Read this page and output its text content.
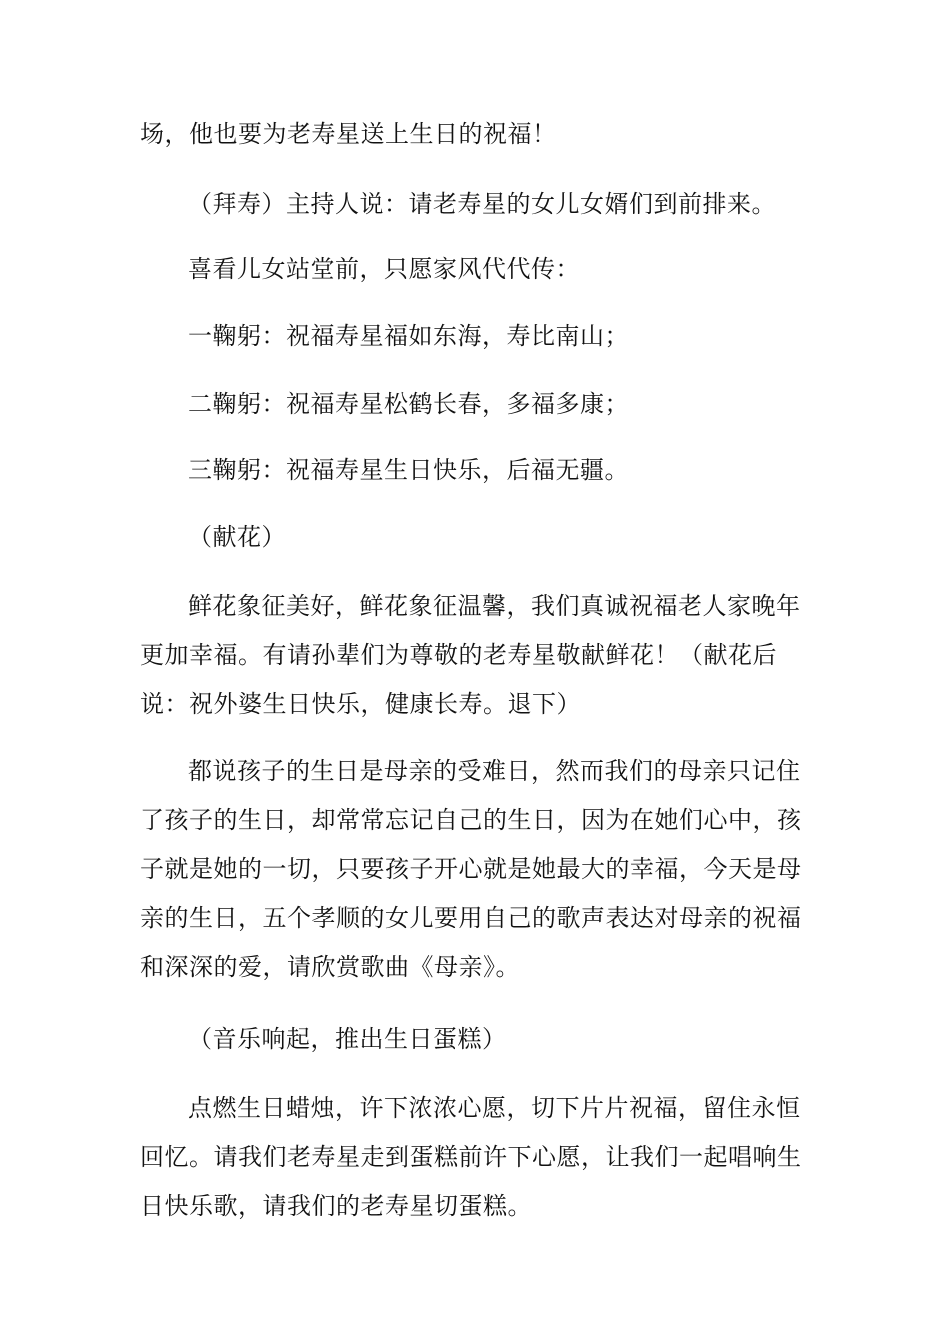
场，他也要为老寿星送上生日的祝福！

（拜寿）主持人说：请老寿星的女儿女婿们到前排来。

喜看儿女站堂前，只愿家风代代传：

一鞠躬：祝福寿星福如东海，寿比南山；

二鞠躬：祝福寿星松鹤长春，多福多康；

三鞠躬：祝福寿星生日快乐，后福无疆。

（献花）

鲜花象征美好，鲜花象征温馨，我们真诚祝福老人家晚年更加幸福。有请孙辈们为尊敬的老寿星敬献鲜花！（献花后说：祝外婆生日快乐，健康长寿。退下）

都说孩子的生日是母亲的受难日，然而我们的母亲只记住了孩子的生日，却常常忘记自己的生日，因为在她们心中，孩子就是她的一切，只要孩子开心就是她最大的幸福，今天是母亲的生日，五个孝顺的女儿要用自己的歌声表达对母亲的祝福和深深的爱，请欣赏歌曲《母亲》。

（音乐响起，推出生日蛋糕）

点燃生日蜡烛，许下浓浓心愿，切下片片祝福，留住永恒回忆。请我们老寿星走到蛋糕前许下心愿，让我们一起唱响生日快乐歌，请我们的老寿星切蛋糕。
